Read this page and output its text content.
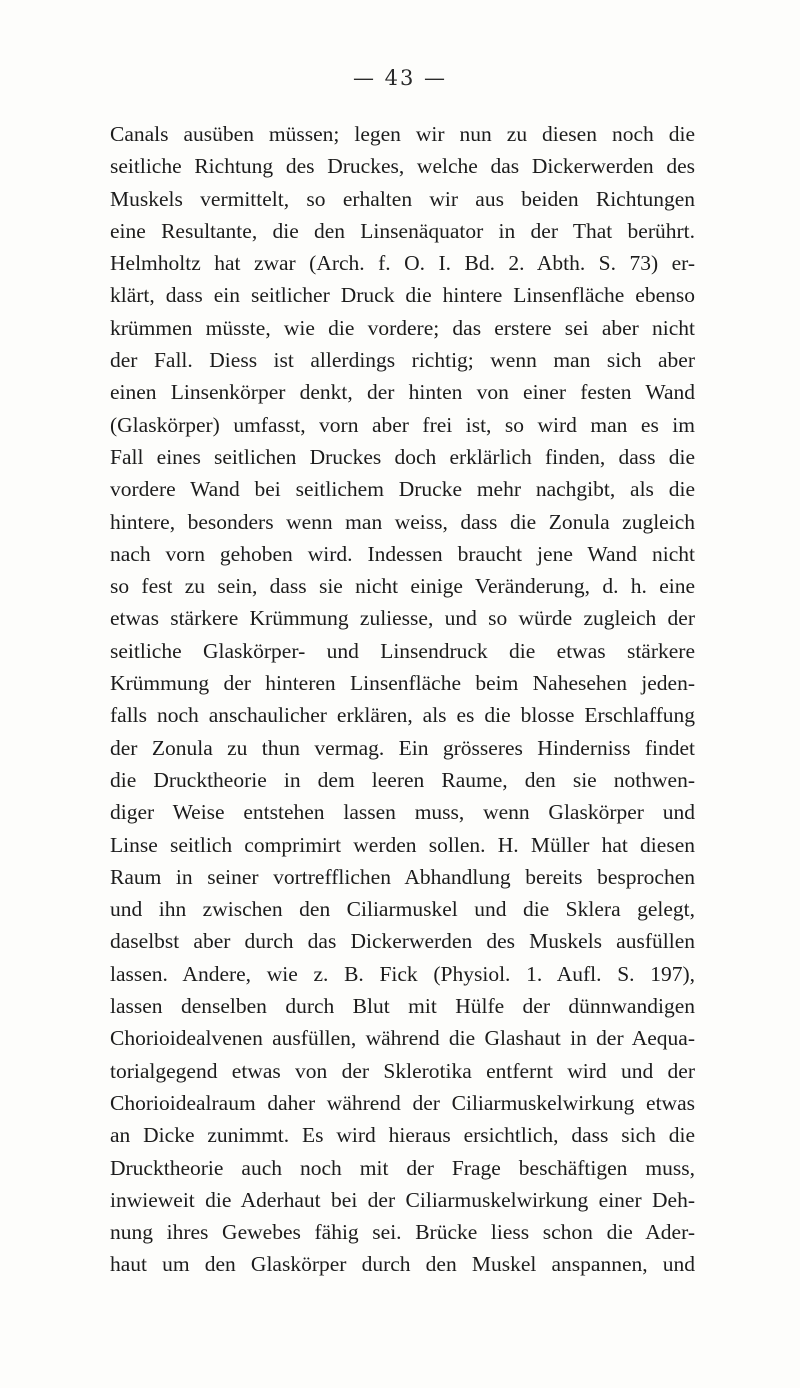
— 43 —
Canals ausüben müssen; legen wir nun zu diesen noch die
seitliche Richtung des Druckes, welche das Dickerwerden des
Muskels vermittelt, so erhalten wir aus beiden Richtungen
eine Resultante, die den Linsenäquator in der That berührt.
Helmholtz hat zwar (Arch. f. O. I. Bd. 2. Abth. S. 73) er-
klärt, dass ein seitlicher Druck die hintere Linsenfläche ebenso
krümmen müsste, wie die vordere; das erstere sei aber nicht
der Fall. Diess ist allerdings richtig; wenn man sich aber
einen Linsenkörper denkt, der hinten von einer festen Wand
(Glaskörper) umfasst, vorn aber frei ist, so wird man es im
Fall eines seitlichen Druckes doch erklärlich finden, dass die
vordere Wand bei seitlichem Drucke mehr nachgibt, als die
hintere, besonders wenn man weiss, dass die Zonula zugleich
nach vorn gehoben wird. Indessen braucht jene Wand nicht
so fest zu sein, dass sie nicht einige Veränderung, d. h. eine
etwas stärkere Krümmung zuliesse, und so würde zugleich der
seitliche Glaskörper- und Linsendruck die etwas stärkere
Krümmung der hinteren Linsenfläche beim Nahesehen jeden-
falls noch anschaulicher erklären, als es die blosse Erschlaffung
der Zonula zu thun vermag. Ein grösseres Hinderniss findet
die Drucktheorie in dem leeren Raume, den sie nothwen-
diger Weise entstehen lassen muss, wenn Glaskörper und
Linse seitlich comprimirt werden sollen. H. Müller hat diesen
Raum in seiner vortrefflichen Abhandlung bereits besprochen
und ihn zwischen den Ciliarmuskel und die Sklera gelegt,
daselbst aber durch das Dickerwerden des Muskels ausfüllen
lassen. Andere, wie z. B. Fick (Physiol. 1. Aufl. S. 197),
lassen denselben durch Blut mit Hülfe der dünnwandigen
Chorioidealvenen ausfüllen, während die Glashaut in der Aequa-
torialgegend etwas von der Sklerotika entfernt wird und der
Chorioidealraum daher während der Ciliarmuskelwirkung etwas
an Dicke zunimmt. Es wird hieraus ersichtlich, dass sich die
Drucktheorie auch noch mit der Frage beschäftigen muss,
inwieweit die Aderhaut bei der Ciliarmuskelwirkung einer Deh-
nung ihres Gewebes fähig sei. Brücke liess schon die Ader-
haut um den Glaskörper durch den Muskel anspannen, und
